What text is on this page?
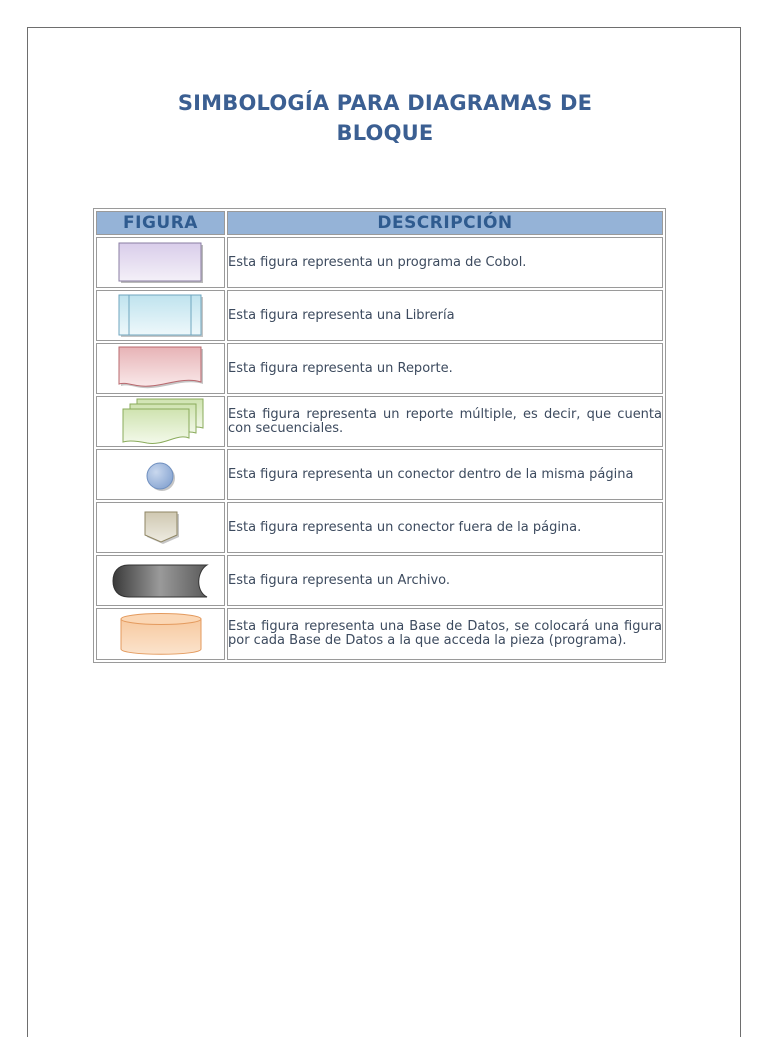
SIMBOLOGÍA PARA DIAGRAMAS DE
BLOQUE
FIGURA	DESCRIPCIÓN

	Esta figura representa un programa de Cobol.

	Esta figura representa una Librería

	Esta figura representa un Reporte.

	Esta figura representa un reporte múltiple, es decir, que cuenta con secuenciales.

	Esta figura representa un conector dentro de la misma página

	Esta figura representa un conector fuera de la página.

	Esta figura representa un Archivo.

	Esta figura representa una Base de Datos, se colocará una figura por cada Base de Datos a la que acceda la pieza (programa).
